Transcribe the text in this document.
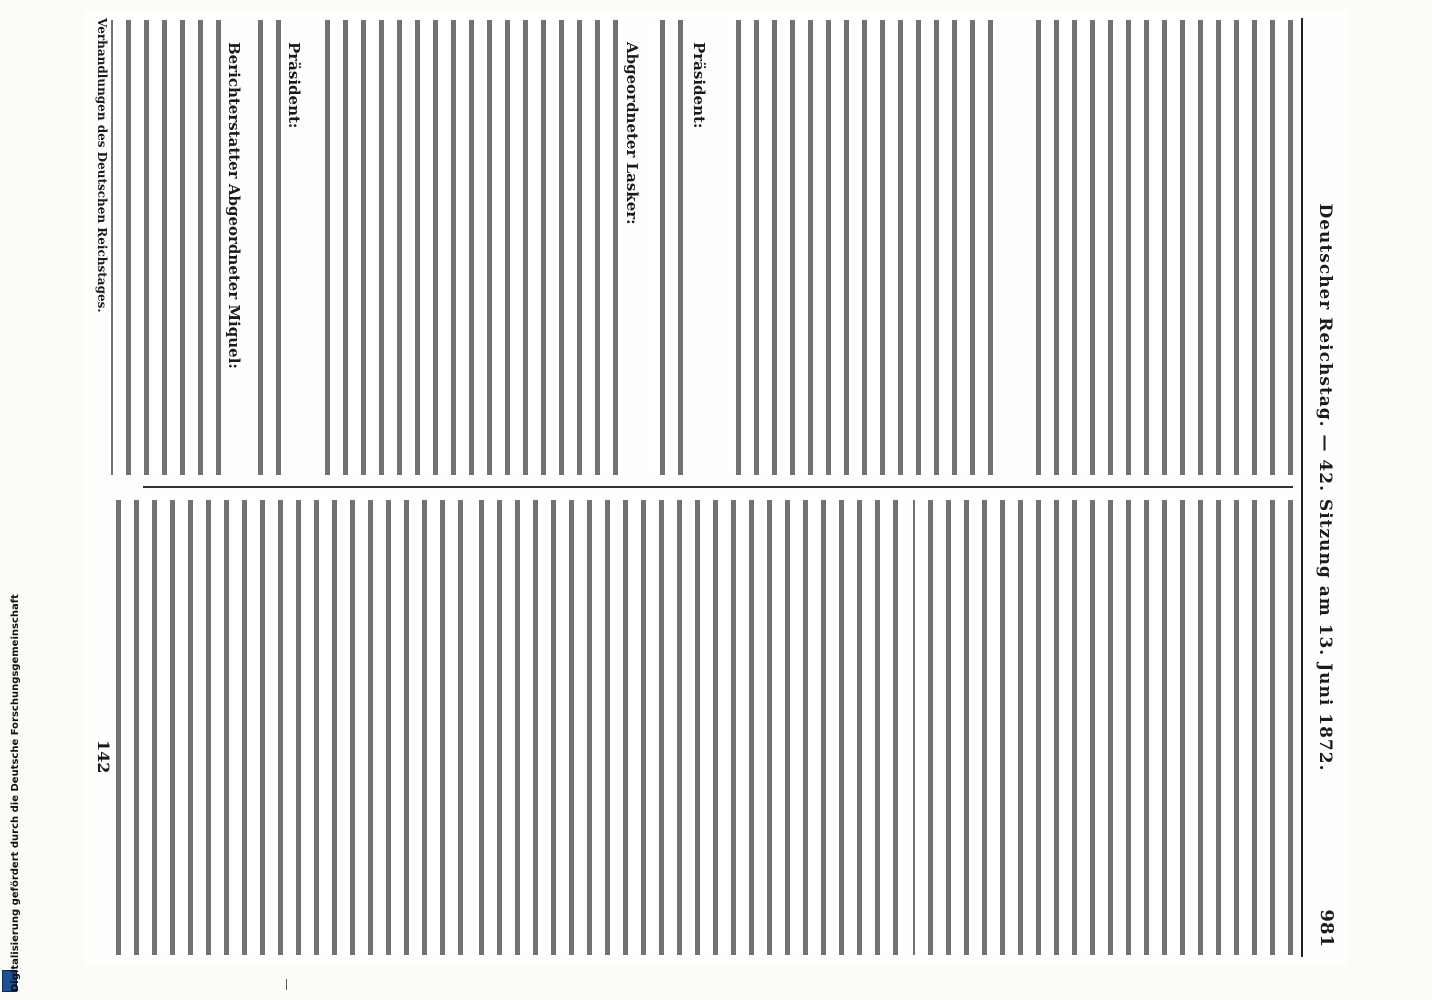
Digitalisierung gefördert durch die Deutsche Forschungsgemeinschaft
Deutscher Reichstag. — 42. Sitzung am 13. Juni 1872.
981
Präsident:
Abgeordneter Lasker:
Präsident:
Berichterstatter Abgeordneter Miquel:
Verhandlungen des Deutschen Reichstages.
142
